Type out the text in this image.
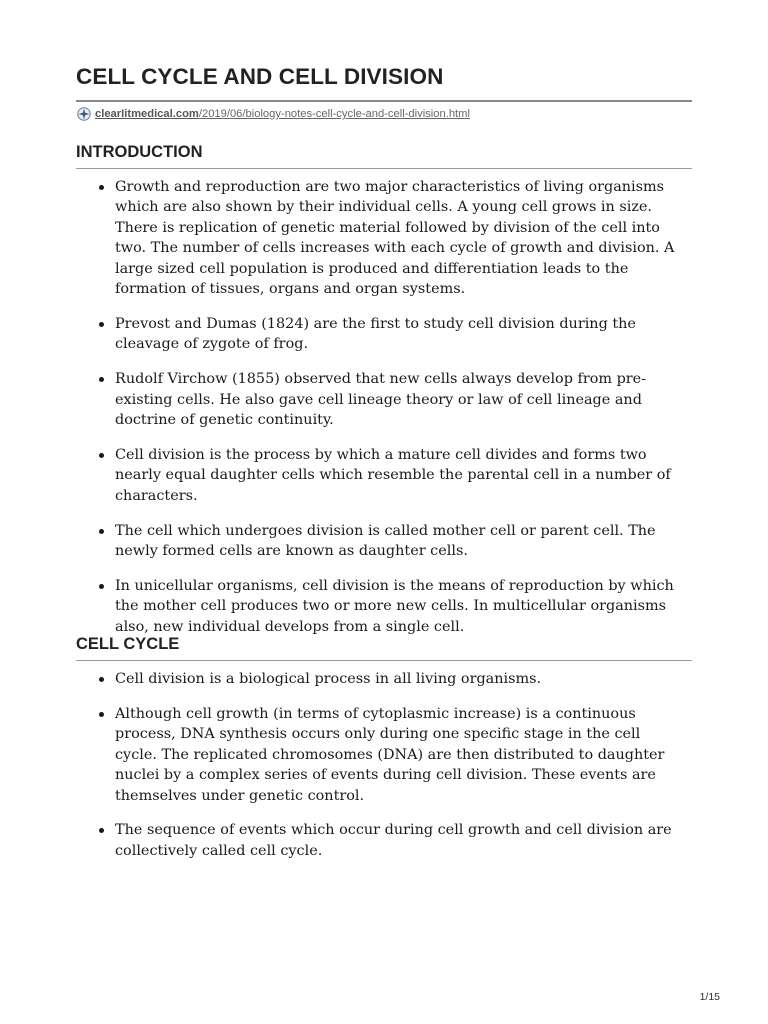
CELL CYCLE AND CELL DIVISION
clearIitmedical.com /2019/06/biology-notes-cell-cycle-and-cell-division.html
INTRODUCTION
Growth and reproduction are two major characteristics of living organisms which are also shown by their individual cells. A young cell grows in size. There is replication of genetic material followed by division of the cell into two. The number of cells increases with each cycle of growth and division. A large sized cell population is produced and differentiation leads to the formation of tissues, organs and organ systems.
Prevost and Dumas (1824) are the first to study cell division during the cleavage of zygote of frog.
Rudolf Virchow (1855) observed that new cells always develop from pre-existing cells. He also gave cell lineage theory or law of cell lineage and doctrine of genetic continuity.
Cell division is the process by which a mature cell divides and forms two nearly equal daughter cells which resemble the parental cell in a number of characters.
The cell which undergoes division is called mother cell or parent cell. The newly formed cells are known as daughter cells.
In unicellular organisms, cell division is the means of reproduction by which the mother cell produces two or more new cells. In multicellular organisms also, new individual develops from a single cell.
CELL CYCLE
Cell division is a biological process in all living organisms.
Although cell growth (in terms of cytoplasmic increase) is a continuous process, DNA synthesis occurs only during one specific stage in the cell cycle. The replicated chromosomes (DNA) are then distributed to daughter nuclei by a complex series of events during cell division. These events are themselves under genetic control.
The sequence of events which occur during cell growth and cell division are collectively called cell cycle.
1/15
